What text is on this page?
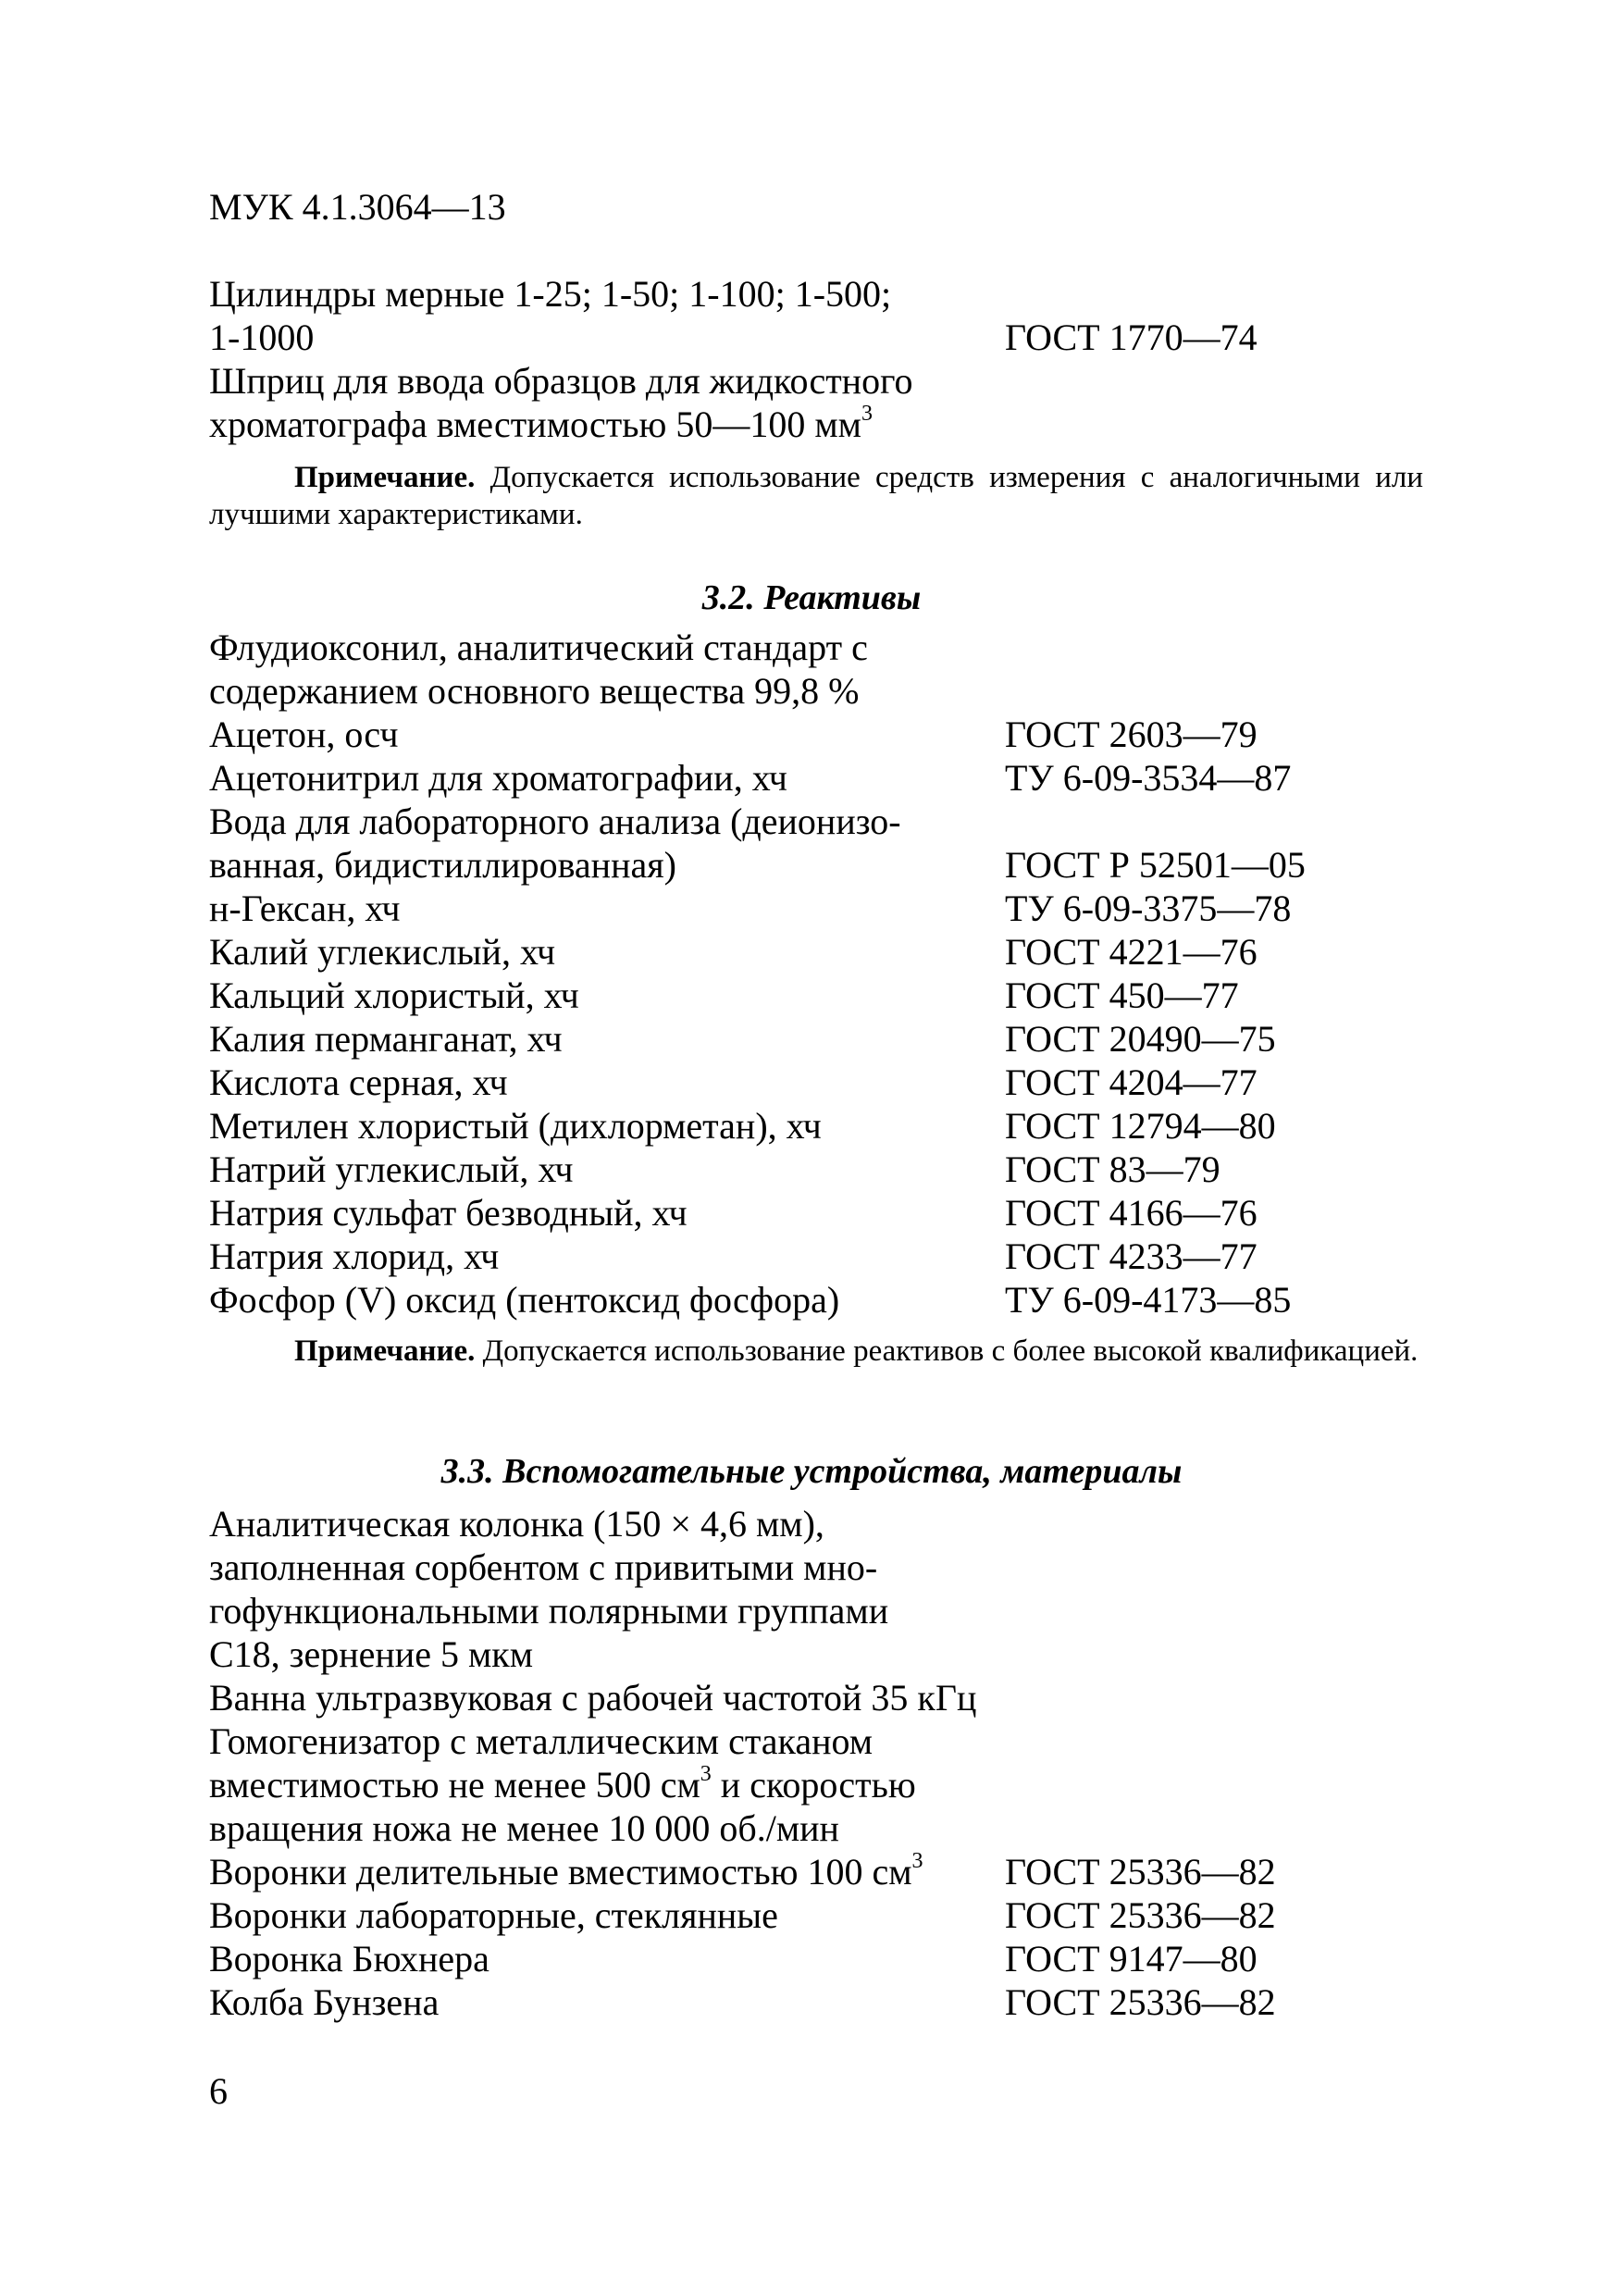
МУК 4.1.3064—13
Цилиндры мерные 1-25; 1-50; 1-100; 1-500;
1-1000	ГОСТ 1770—74
Шприц для ввода образцов для жидкостного
хроматографа вместимостью 50—100 $мм^3$
Примечание. Допускается использование средств измерения с аналогичными или лучшими характеристиками.
3.2. Реактивы
Флудиоксонил, аналитический стандарт с
содержанием основного вещества 99,8 %
Ацетон, осч	ГОСТ 2603—79
Ацетонитрил для хроматографии, хч	ТУ 6-09-3534—87
Вода для лабораторного анализа (деионизо-
ванная, бидистиллированная)	ГОСТ Р 52501—05
н-Гексан, хч	ТУ 6-09-3375—78
Калий углекислый, хч	ГОСТ 4221—76
Кальций хлористый, хч	ГОСТ 450—77
Калия перманганат, хч	ГОСТ 20490—75
Кислота серная, хч	ГОСТ 4204—77
Метилен хлористый (дихлорметан), хч	ГОСТ 12794—80
Натрий углекислый, хч	ГОСТ 83—79
Натрия сульфат безводный, хч	ГОСТ 4166—76
Натрия хлорид, хч	ГОСТ 4233—77
Фосфор (V) оксид (пентоксид фосфора)	ТУ 6-09-4173—85
Примечание. Допускается использование реактивов с более высокой квалификацией.
3.3. Вспомогательные устройства, материалы
Аналитическая колонка (150 × 4,6 мм),
заполненная сорбентом с привитыми мно-
гофункциональными полярными группами
C18, зернение 5 мкм
Ванна ультразвуковая с рабочей частотой 35 кГц
Гомогенизатор с металлическим стаканом
вместимостью не менее 500 $см^3$ и скоростью
вращения ножа не менее 10 000 об./мин
Воронки делительные вместимостью 100 $см^3$ ГОСТ 25336—82
Воронки лабораторные, стеклянные	ГОСТ 25336—82
Воронка Бюхнера	ГОСТ 9147—80
Колба Бунзена	ГОСТ 25336—82
6
